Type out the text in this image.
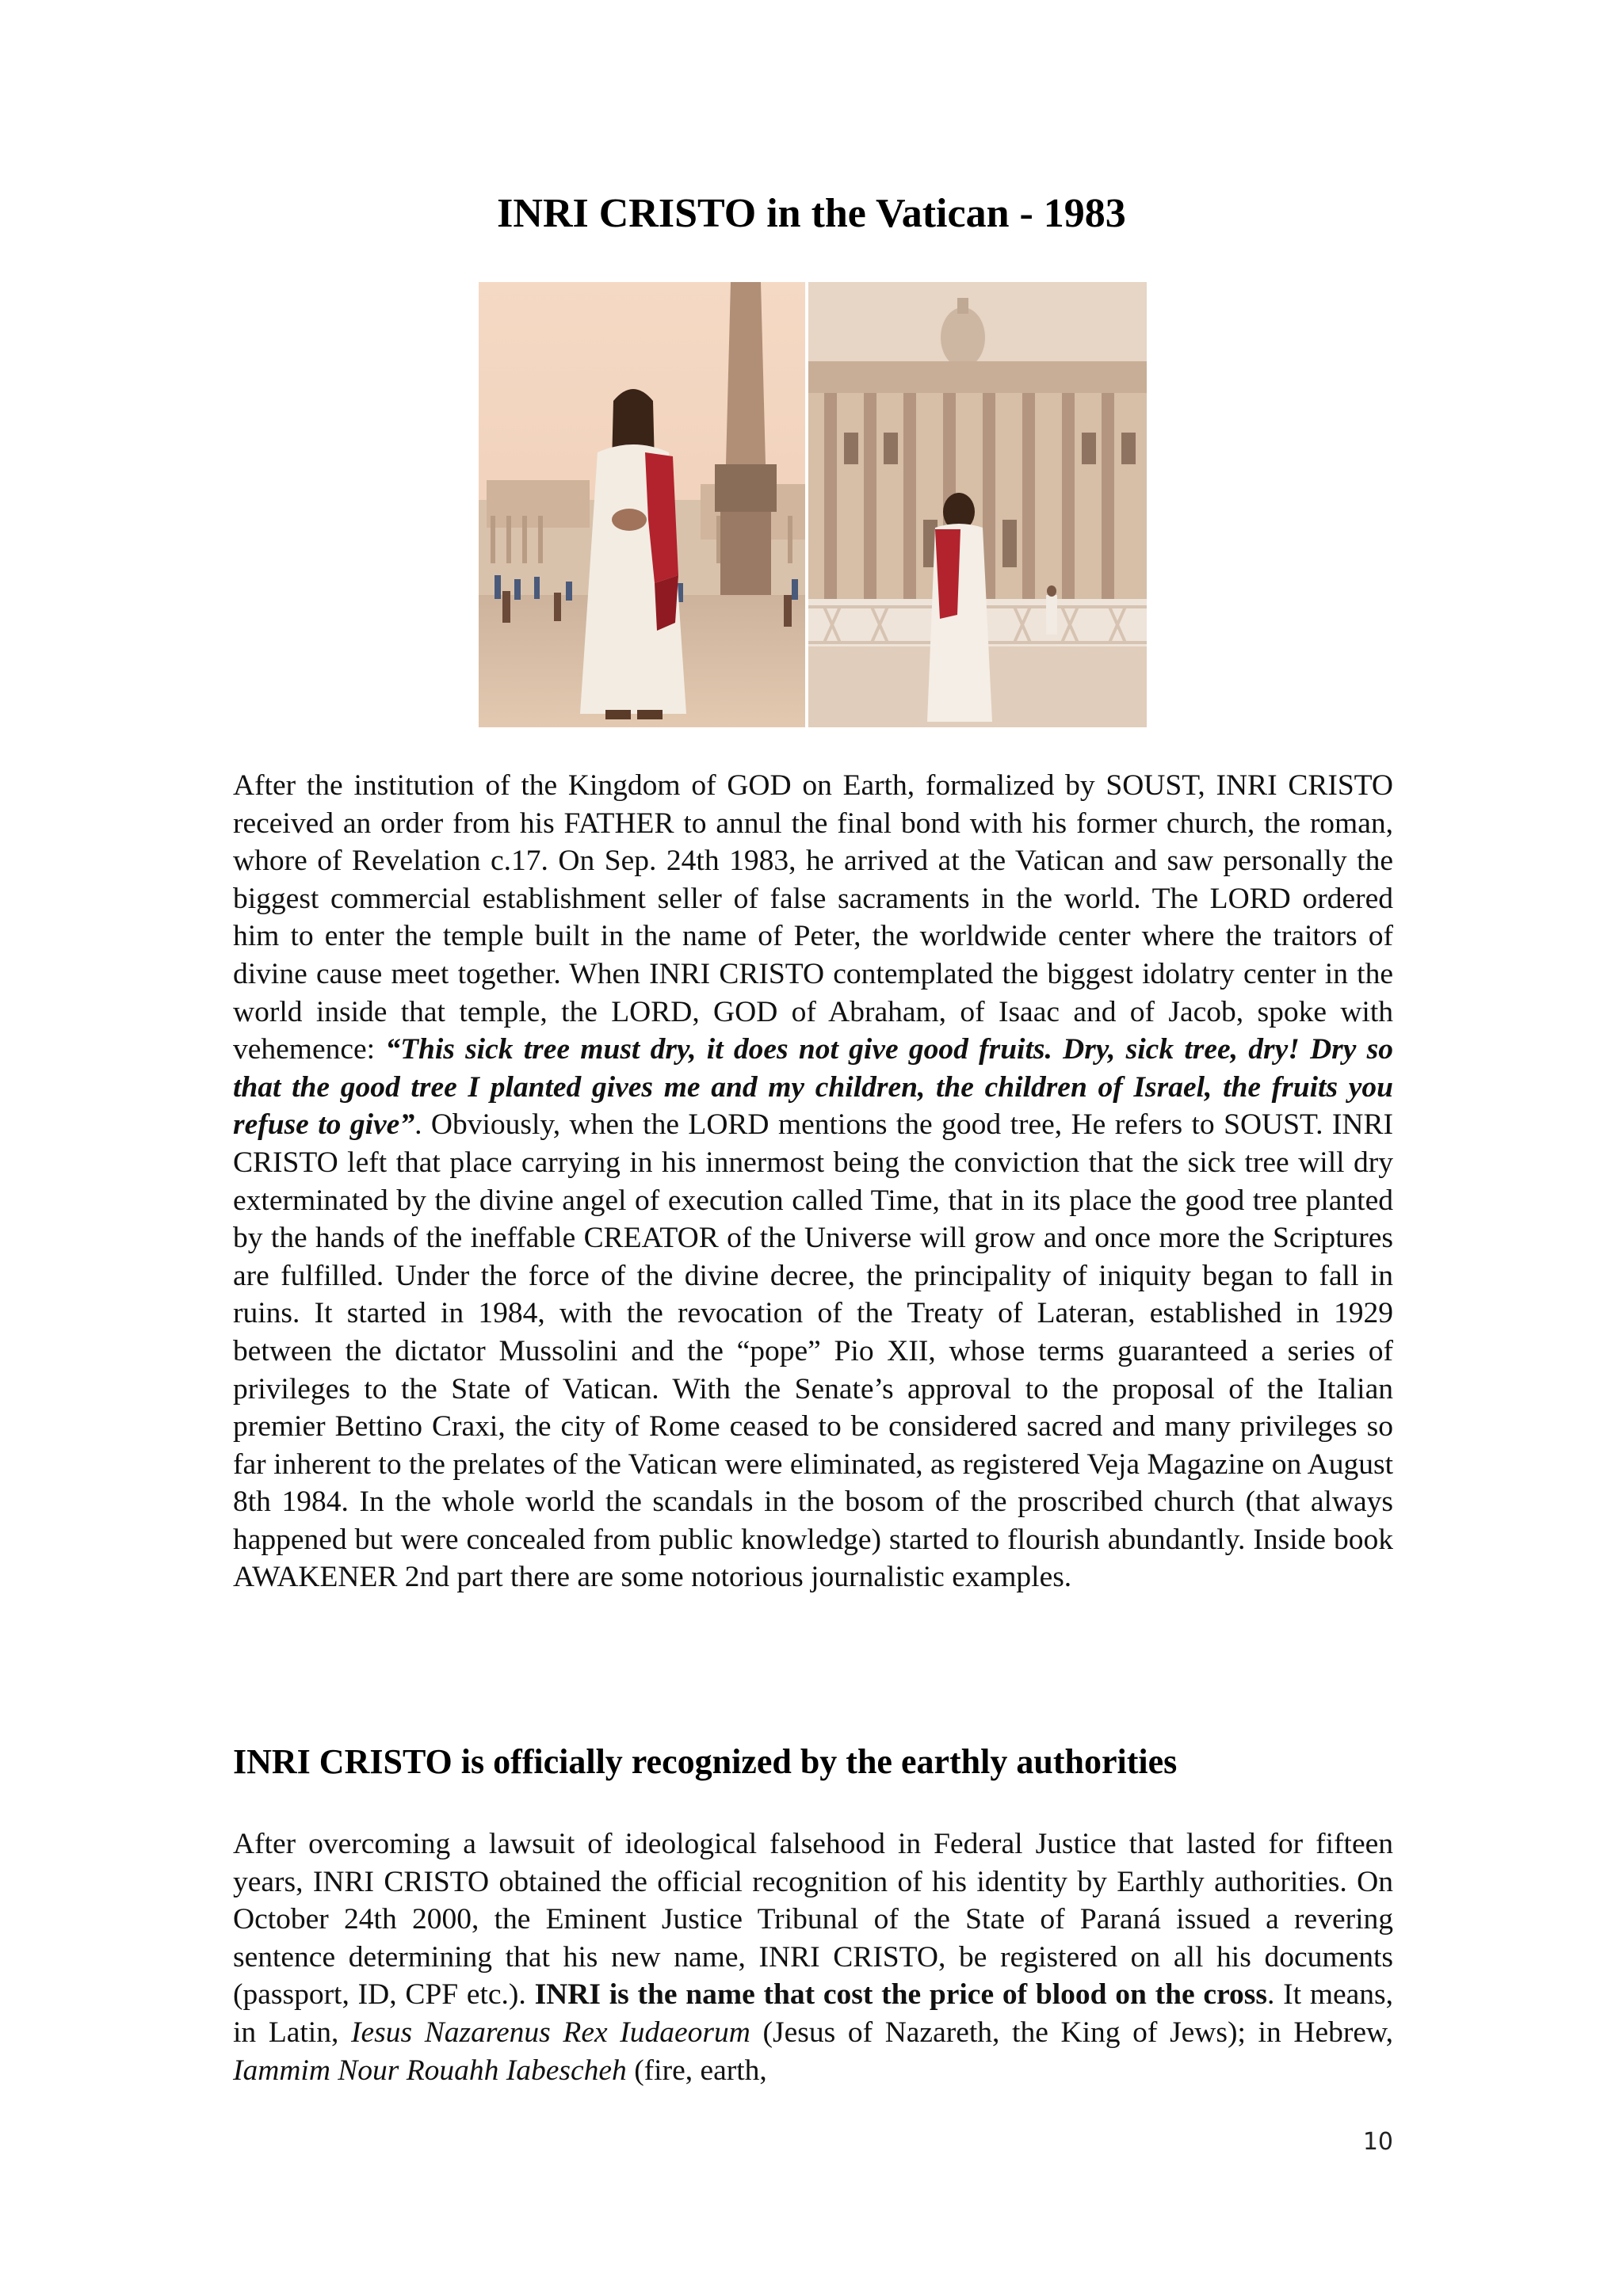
INRI CRISTO in the Vatican - 1983

After the institution of the Kingdom of GOD on Earth, formalized by SOUST, INRI CRISTO received an order from his FATHER to annul the final bond with his former church, the roman, whore of Revelation c.17. On Sep. 24th 1983, he arrived at the Vatican and saw personally the biggest commercial establishment seller of false sacraments in the world. The LORD ordered him to enter the temple built in the name of Peter, the worldwide center where the traitors of divine cause meet together. When INRI CRISTO contemplated the biggest idolatry center in the world inside that temple, the LORD, GOD of Abraham, of Isaac and of Jacob, spoke with vehemence: “This sick tree must dry, it does not give good fruits. Dry, sick tree, dry! Dry so that the good tree I planted gives me and my children, the children of Israel, the fruits you refuse to give”. Obviously, when the LORD mentions the good tree, He refers to SOUST. INRI CRISTO left that place carrying in his innermost being the conviction that the sick tree will dry exterminated by the divine angel of execution called Time, that in its place the good tree planted by the hands of the ineffable CREATOR of the Universe will grow and once more the Scriptures are fulfilled. Under the force of the divine decree, the principality of iniquity began to fall in ruins. It started in 1984, with the revocation of the Treaty of Lateran, established in 1929 between the dictator Mussolini and the “pope” Pio XII, whose terms guaranteed a series of privileges to the State of Vatican. With the Senate’s approval to the proposal of the Italian premier Bettino Craxi, the city of Rome ceased to be considered sacred and many privileges so far inherent to the prelates of the Vatican were eliminated, as registered Veja Magazine on August 8th 1984. In the whole world the scandals in the bosom of the proscribed church (that always happened but were concealed from public knowledge) started to flourish abundantly. Inside book AWAKENER 2nd part there are some notorious journalistic examples.

INRI CRISTO is officially recognized by the earthly authorities

After overcoming a lawsuit of ideological falsehood in Federal Justice that lasted for fifteen years, INRI CRISTO obtained the official recognition of his identity by Earthly authorities. On October 24th 2000, the Eminent Justice Tribunal of the State of Paraná issued a revering sentence determining that his new name, INRI CRISTO, be registered on all his documents (passport, ID, CPF etc.). INRI is the name that cost the price of blood on the cross. It means, in Latin, Iesus Nazarenus Rex Iudaeorum (Jesus of Nazareth, the King of Jews); in Hebrew, Iammim Nour Rouahh Iabescheh (fire, earth,

10
